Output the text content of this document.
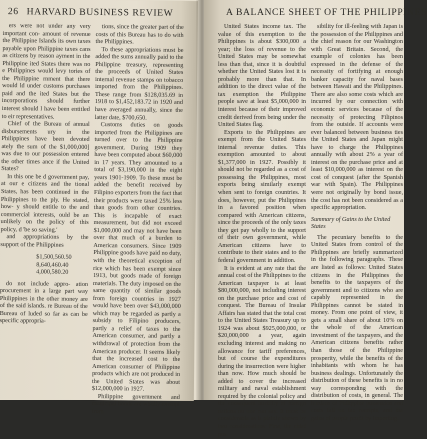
26 HARVARD BUSINESS REVIEW

ers were not under any very important con- amount of revenue the Philippine Islands its own taxes payable upon Philippine taxes cans as citizens by reason ayment in the Philippine ited States there was no e Philippines would levy tories of the Philippine rnment that there would ld under customs purchases paid and the ited States but the incorporations should further interest should l have been entitled to eir representatives.

Chief of the Bureau of annual disbursements ury in the Philippines have been devoted ately the sum of the $1,000,000] was due to our possession entered the other times ance if the United States?

In this one be d government pay, at our e citizens and the tional States, has been continued in the Philippines to the ply. He stated, how- y should entitle to the and commercial interests, ould be an unlikely on the policy of this policy, d 'be so saving.'

and appropriations by the support of the Philippines

$1,500,560.50
8,640,460.40
4,000,580.20

do not include appro- ation procurement in a large part way Philippines in the other money are of the said islands. re Bureau of the Bureau of luded so far as can be specific appropria-

tions, since the greater part of the costs of this Bureau has to do with the Philippines.

To these appropriations must be added the sums annually paid to the Philippine treasury, representing the proceeds of United States internal revenue stamps on tobacco imported from the Philippines. These range from $128,035.69 in 1918 to $1,452,183.72 in 1920 and have averaged annually, since the latter date, $700,650.

Customs duties on goods imported from the Philippines are turned over to the Philippine government. During 1909 they have been computed about $60,000 in 17 years. They amounted to a total of $3,190,000 in the eight years 1901-1909. To these must be added the benefit received by Filipino exporters from the fact that their products were taxed 25% less than goods from other countries. This is incapable of exact measurement, but did not exceed $1,000,000 and may not have been over that much of a burden to American consumers. Since 1909 Philippine goods have paid no duty, with the theoretical exception of rice which has been exempt since 1913, but goods made of foreign materials. The duty imposed on the same quantity of similar goods from foreign countries in 1927 would have been over $43,000,000 which may be regarded as partly a subsidy to Filipino producers, partly a relief of taxes to the American consumer, and partly a withdrawal of protection from the American producer. It seems likely that the increased cost to the American consumer of Philippine products which are not produced in the United States was about $12,000,000 in 1927.

Philippine government and municipal bonds are wholly exempt from

A BALANCE SHEET OF THE PHILIPPINES

United States income tax. The value of this exemption to the Philippines is about $300,000 a year; the loss of revenue to the United States may be somewhat less than that, since it is doubtful whether the United States lost it is probably more than that. In addition to the direct value of the tax exemption the Philippine people save at least $5,000,000 in interest because of their improved credit derived from being under the United States flag.

Exports to the Philippines are exempt from the United States internal revenue duties. This exemption amounted to about $1,377,000 in 1927. Possibly it should not be regarded as a cost of possessing the Philippines, most exports being similarly exempt when sent to foreign countries. It does, however, put the Philippines in a favored position when compared with American citizens, since the proceeds of the only taxes they get pay wholly to the support of their own government, while American citizens have to contribute to their states and to the federal government in addition.

It is evident at any rate that the annual cost of the Philippines to the American taxpayer is at least $80,000,000, not including interest on the purchase price and cost of conquest. The Bureau of Insular Affairs has stated that the total cost to the United States Treasury up to 1924 was about $925,000,000, or $20,000,000 a year, again excluding interest and making no allowance for tariff preferences, but of course the expenditures during the insurrection were higher than now. How much should be added to cover the increased military and naval establishment required by the colonial policy and the consequent hostility of foreign nations no one can say. It must be considerable as is plainly shown by two considerations: First, the chief pos-

sibility for ill-feeling with Japan is the possession of the Philippines and the chief reason for our Washington with Great Britain. Second, the example of colonies has been expressed in the defense of the necessity of fortifying at enough banker capacity for naval bases between Hawaii and the Philippines. There are also some costs which are incurred by our connection with economic services because of the necessity of protecting Filipinos from the outside. If accounts were ever balanced between business ties the United States and Japan might have to charge the Philippines annually with about 2% a year of interest on the purchase price and at least $10,000,000 as interest on the cost of conquest (after the Spanish war with Spain). The Philippines were not originally by bond issue, the cost has not been considered as a specific appropriation.

Summary of Gains to the United States

The pecuniary benefits to the United States from control of the Philippines are briefly summarized in the following paragraphs. These are listed as follows: United States citizens in the Philippines the benefits to the taxpayers of the government and to citizens who are capably represented in the Philippines cannot be stated in money. From one point of view, it gets a small share of about 10% on the whole of the American investment of the taxpayers, and the American citizens benefits rather than those of the Philippine prosperity, while the benefits of the inhabitants with whom he has business dealings. Unfortunately the distribution of these benefits is in no way corresponding with the distribution of costs, in general. The burdens of Philippine possession and costs fall on tax receipts, and the gains of people profit by importing.
